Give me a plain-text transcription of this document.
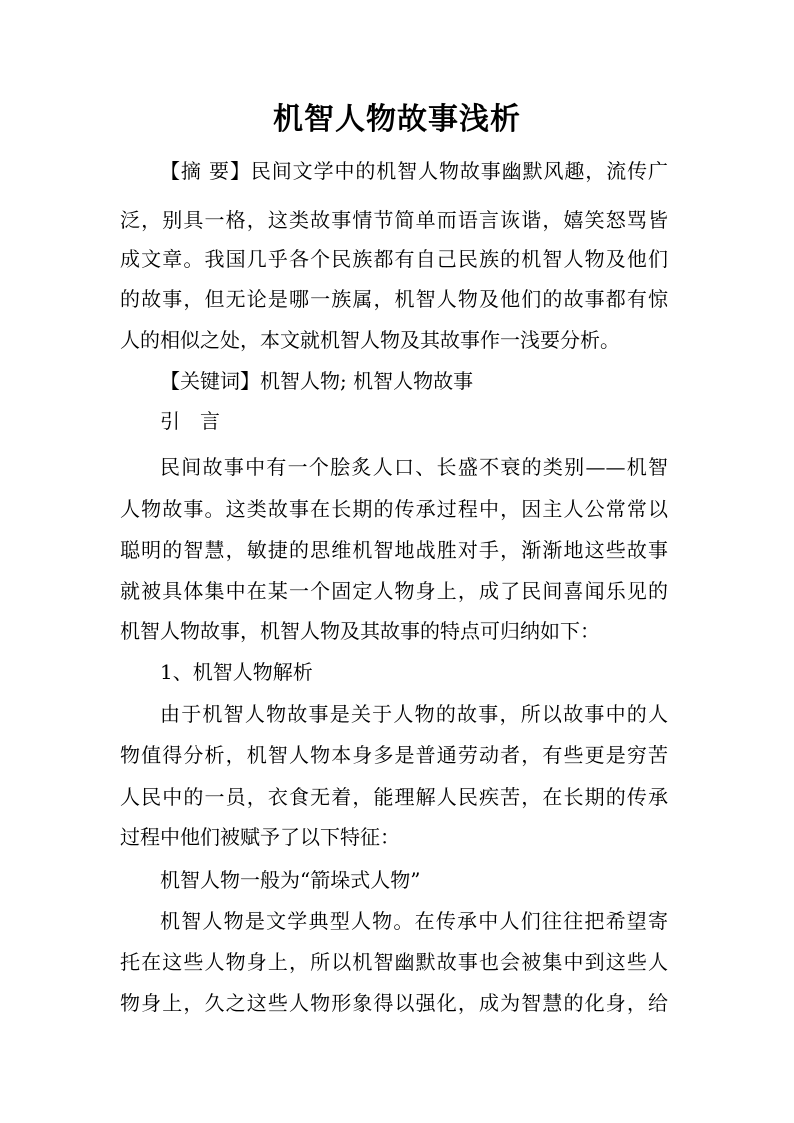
机智人物故事浅析
【摘 要】民间文学中的机智人物故事幽默风趣，流传广
泛，别具一格，这类故事情节简单而语言诙谐，嬉笑怒骂皆
成文章。我国几乎各个民族都有自己民族的机智人物及他们
的故事，但无论是哪一族属，机智人物及他们的故事都有惊
人的相似之处，本文就机智人物及其故事作一浅要分析。
【关键词】机智人物; 机智人物故事
引　言
民间故事中有一个脍炙人口、长盛不衰的类别——机智
人物故事。这类故事在长期的传承过程中，因主人公常常以
聪明的智慧，敏捷的思维机智地战胜对手，渐渐地这些故事
就被具体集中在某一个固定人物身上，成了民间喜闻乐见的
机智人物故事，机智人物及其故事的特点可归纳如下：
1、机智人物解析
由于机智人物故事是关于人物的故事，所以故事中的人
物值得分析，机智人物本身多是普通劳动者，有些更是穷苦
人民中的一员，衣食无着，能理解人民疾苦，在长期的传承
过程中他们被赋予了以下特征：
机智人物一般为“箭垛式人物”
机智人物是文学典型人物。在传承中人们往往把希望寄
托在这些人物身上，所以机智幽默故事也会被集中到这些人
物身上，久之这些人物形象得以强化，成为智慧的化身，给
